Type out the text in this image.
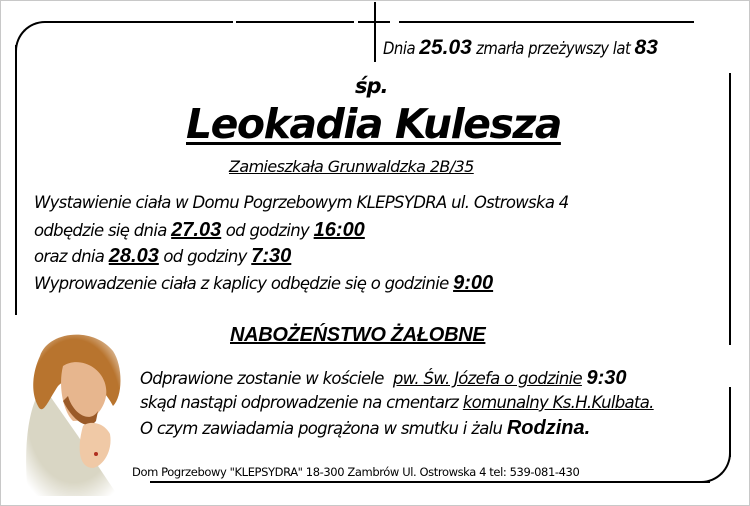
Dnia 25.03 zmarła przeżywszy lat 83
śp.
Leokadia Kulesza
Zamieszkała Grunwaldzka 2B/35
Wystawienie ciała w Domu Pogrzebowym KLEPSYDRA ul. Ostrowska 4
odbędzie się dnia 27.03 od godziny 16:00
oraz dnia 28.03 od godziny 7:30
Wyprowadzenie ciała z kaplicy odbędzie się o godzinie 9:00
NABOŻEŃSTWO ŻAŁOBNE
Odprawione zostanie w kościele pw. Św. Józefa o godzinie 9:30
skąd nastąpi odprowadzenie na cmentarz komunalny Ks.H.Kulbata.
O czym zawiadamia pogrążona w smutku i żalu Rodzina.
Dom Pogrzebowy "KLEPSYDRA" 18-300 Zambrów Ul. Ostrowska 4 tel: 539-081-430
